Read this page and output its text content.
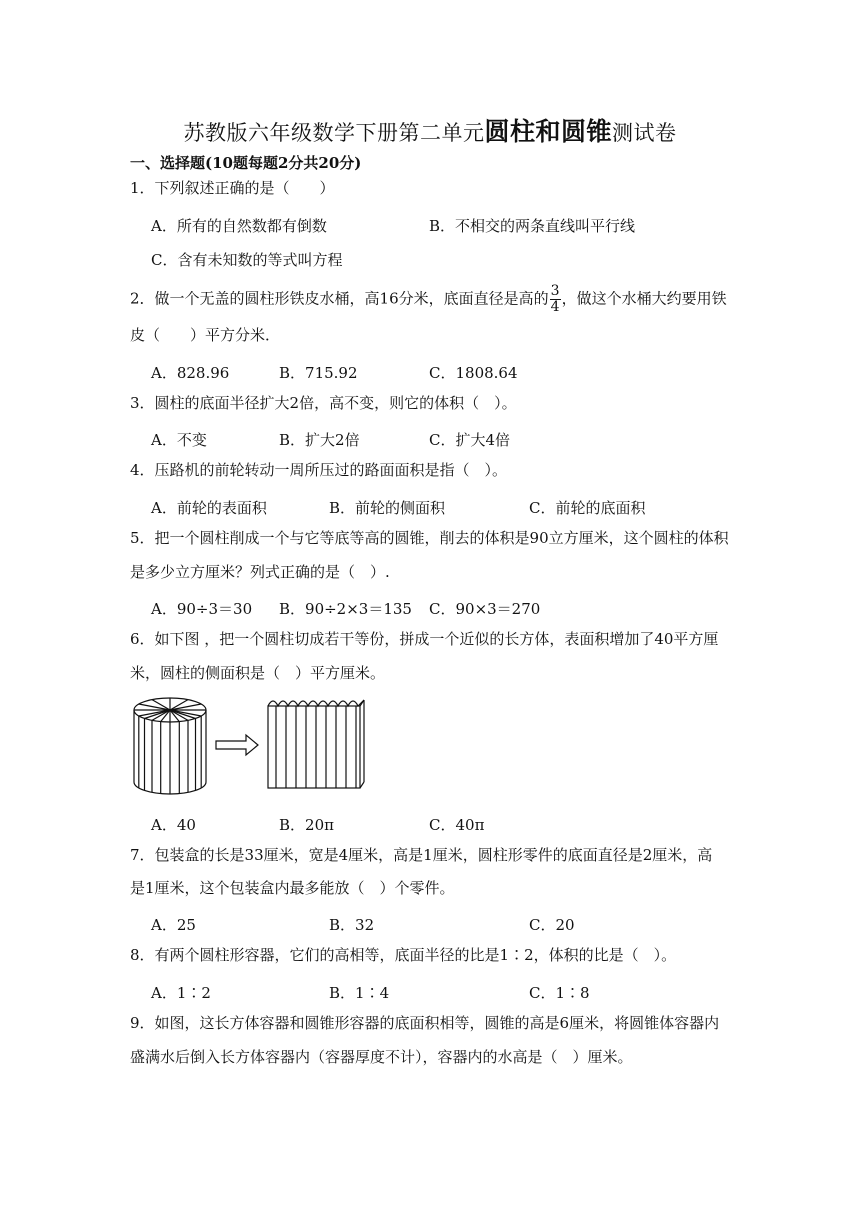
苏教版六年级数学下册第二单元圆柱和圆锥测试卷
一、选择题(10题每题2分共20分)
1．下列叙述正确的是（　　）
A．所有的自然数都有倒数	B．不相交的两条直线叫平行线
C．含有未知数的等式叫方程
2．做一个无盖的圆柱形铁皮水桶，高16分米，底面直径是高的 $\frac{3}{4}$ ，做这个水桶大约要用铁
皮（　　）平方分米．
A．828.96	B．715.92	C．1808.64
3．圆柱的底面半径扩大2倍，高不变，则它的体积（　）。
A．不变	B．扩大2倍	C．扩大4倍
4．压路机的前轮转动一周所压过的路面面积是指（　）。
A．前轮的表面积	B．前轮的侧面积	C．前轮的底面积
5．把一个圆柱削成一个与它等底等高的圆锥，削去的体积是90立方厘米，这个圆柱的体积
是多少立方厘米？列式正确的是（　）.
A．90÷3＝30 B．90÷2×3＝135 C．90×3＝270
6．如下图 ，把一个圆柱切成若干等份，拼成一个近似的长方体，表面积增加了40平方厘
米，圆柱的侧面积是（　）平方厘米。
A．40	B．20π	C．40π
7．包装盒的长是33厘米，宽是4厘米，高是1厘米，圆柱形零件的底面直径是2厘米，高
是1厘米，这个包装盒内最多能放（　）个零件。
A．25	B．32	C．20
8．有两个圆柱形容器，它们的高相等，底面半径的比是1∶2，体积的比是（　）。
A．1∶2	B．1∶4	C．1∶8
9．如图，这长方体容器和圆锥形容器的底面积相等，圆锥的高是6厘米，将圆锥体容器内
盛满水后倒入长方体容器内（容器厚度不计），容器内的水高是（　）厘米。
